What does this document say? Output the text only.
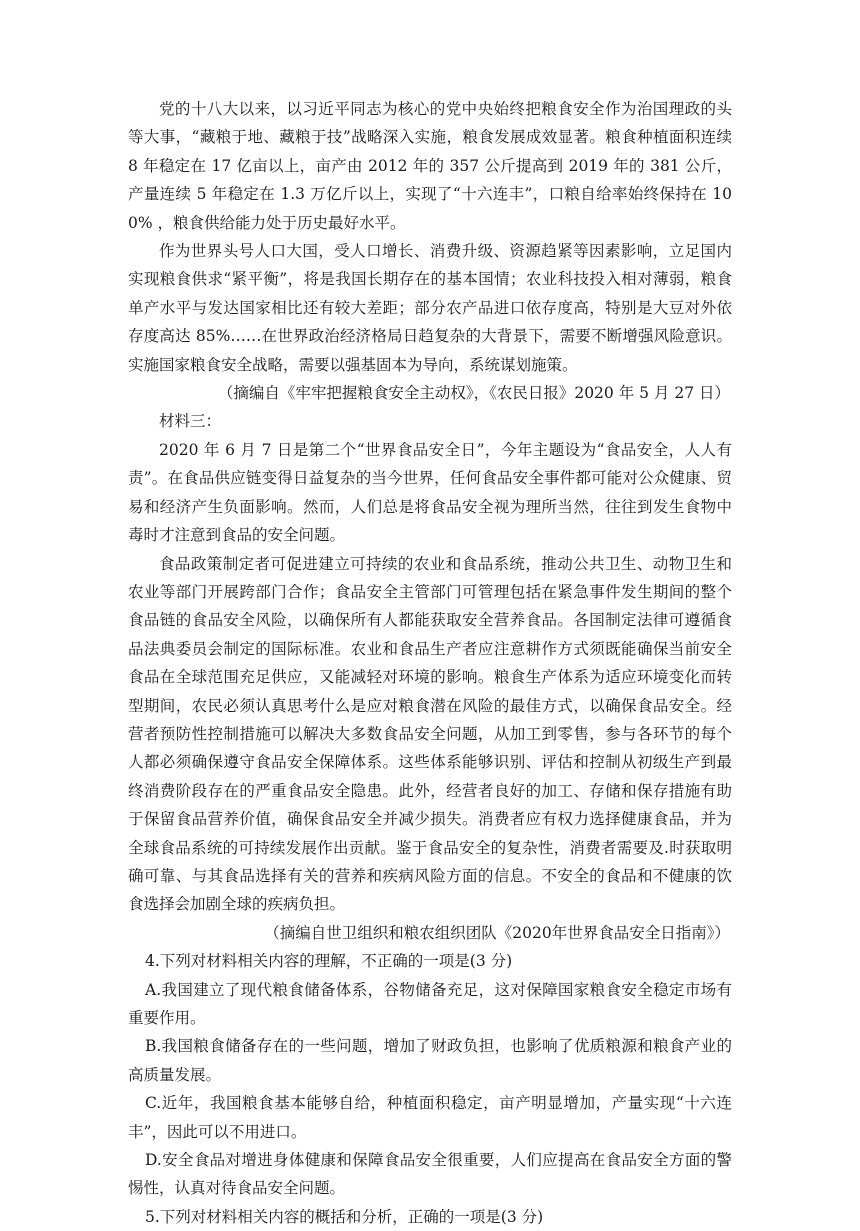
党的十八大以来，以习近平同志为核心的党中央始终把粮食安全作为治国理政的头等大事，“藏粮于地、藏粮于技”战略深入实施，粮食发展成效显著。粮食种植面积连续 8 年稳定在 17 亿亩以上，亩产由 2012 年的 357 公斤提高到 2019 年的 381 公斤，产量连续 5 年稳定在 1.3 万亿斤以上，实现了“十六连丰”，口粮自给率始终保持在 100% ，粮食供给能力处于历史最好水平。

作为世界头号人口大国，受人口增长、消费升级、资源趋紧等因素影响，立足国内实现粮食供求“紧平衡”，将是我国长期存在的基本国情；农业科技投入相对薄弱，粮食单产水平与发达国家相比还有较大差距；部分农产品进口依存度高，特别是大豆对外依存度高达 85%……在世界政治经济格局日趋复杂的大背景下，需要不断增强风险意识。实施国家粮食安全战略，需要以强基固本为导向，系统谋划施策。

（摘编自《牢牢把握粮食安全主动权》，《农民日报》2020 年 5 月 27 日）

材料三：

2020 年 6 月 7 日是第二个“世界食品安全日”，今年主题设为“食品安全，人人有责”。在食品供应链变得日益复杂的当今世界，任何食品安全事件都可能对公众健康、贸易和经济产生负面影响。然而，人们总是将食品安全视为理所当然，往往到发生食物中毒时才注意到食品的安全问题。

食品政策制定者可促进建立可持续的农业和食品系统，推动公共卫生、动物卫生和农业等部门开展跨部门合作；食品安全主管部门可管理包括在紧急事件发生期间的整个食品链的食品安全风险，以确保所有人都能获取安全营养食品。各国制定法律可遵循食品法典委员会制定的国际标准。农业和食品生产者应注意耕作方式须既能确保当前安全食品在全球范围充足供应，又能减轻对环境的影响。粮食生产体系为适应环境变化而转型期间，农民必须认真思考什么是应对粮食潜在风险的最佳方式，以确保食品安全。经营者预防性控制措施可以解决大多数食品安全问题，从加工到零售，参与各环节的每个人都必须确保遵守食品安全保障体系。这些体系能够识别、评估和控制从初级生产到最终消费阶段存在的严重食品安全隐患。此外，经营者良好的加工、存储和保存措施有助于保留食品营养价值，确保食品安全并减少损失。消费者应有权力选择健康食品，并为全球食品系统的可持续发展作出贡献。鉴于食品安全的复杂性，消费者需要及.时获取明确可靠、与其食品选择有关的营养和疾病风险方面的信息。不安全的食品和不健康的饮食选择会加剧全球的疾病负担。

（摘编自世卫组织和粮农组织团队《2020年世界食品安全日指南》）

4.下列对材料相关内容的理解，不正确的一项是(3 分)

A.我国建立了现代粮食储备体系，谷物储备充足，这对保障国家粮食安全稳定市场有重要作用。

B.我国粮食储备存在的一些问题，增加了财政负担，也影响了优质粮源和粮食产业的高质量发展。

C.近年，我国粮食基本能够自给，种植面积稳定，亩产明显增加，产量实现“十六连丰”，因此可以不用进口。

D.安全食品对增进身体健康和保障食品安全很重要，人们应提高在食品安全方面的警惕性，认真对待食品安全问题。

5.下列对材料相关内容的概括和分析，正确的一项是(3 分)
